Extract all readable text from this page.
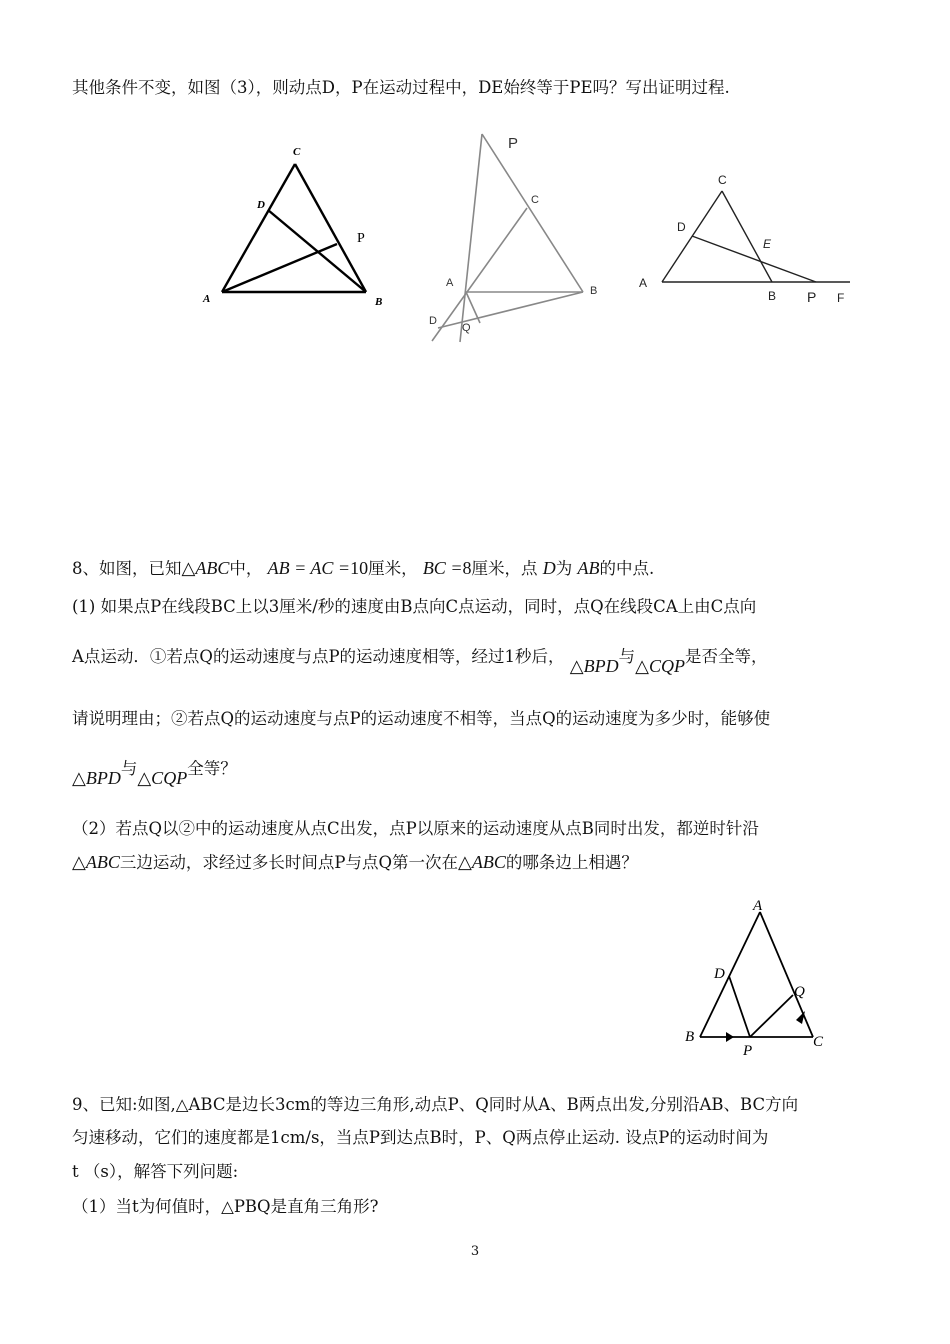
其他条件不变，如图（3），则动点D，P在运动过程中，DE始终等于PE吗？写出证明过程.
C
D
P
A	B
P
C
A
B
D
Q
C
D
E
A
B P F
8、如图，已知△ABC中， AB = AC =10厘米， BC =8厘米，点 D为 AB的中点.
(1) 如果点P在线段BC上以3厘米/秒的速度由B点向C点运动，同时，点Q在线段CA上由C点向
A点运动．①若点Q的运动速度与点P的运动速度相等，经过1秒后， △BPD与△CQP是否全等，
请说明理由；②若点Q的运动速度与点P的运动速度不相等，当点Q的运动速度为多少时，能够使
△BPD与△CQP全等？
（2）若点Q以②中的运动速度从点C出发，点P以原来的运动速度从点B同时出发，都逆时针沿
△ABC三边运动，求经过多长时间点P与点Q第一次在△ABC的哪条边上相遇？
A
D
Q
B
P
C
9、已知:如图,△ABC是边长3cm的等边三角形,动点P、Q同时从A、B两点出发,分别沿AB、BC方向
匀速移动，它们的速度都是1cm/s，当点P到达点B时，P、Q两点停止运动. 设点P的运动时间为
t （s），解答下列问题:
（1）当t为何值时，△PBQ是直角三角形?
3
